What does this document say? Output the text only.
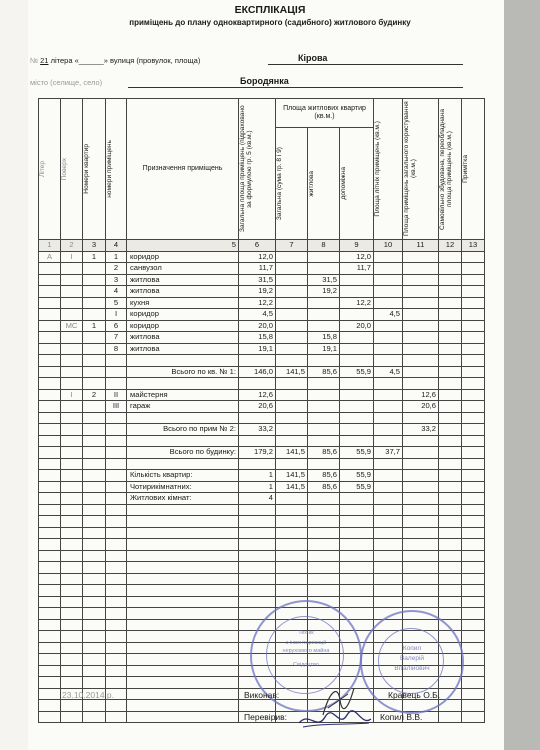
ЕКСПЛІКАЦІЯ
приміщень до плану одноквартирного (садибного) житлового будинку
№ 21 літера «______» вулиця (провулок, площа)	Кірова
місто (селище, село)	Бородянка
Літер	Поверх	Номери квартир	номери приміщень	Призначення приміщень	Загальна площа приміщень (підраховано за формулою гр. 5 (кв.м.)	Площа житлових квартир (кв.м.)			Площа літніх приміщень (кв.м.)	Площа приміщень загального користування (кв.м.)	Самовільно збудована, переобладнана площа приміщень (кв.м.)	Примітка

						Загальна (сума гр. 8 і 9)	житлова	допоміжна				

1	2	3	4	5	6	7	8	9	10	11	12	13
А	I	1	1	коридор	12,0			12,0				
			2	санвузол	11,7			11,7				
			3	житлова	31,5		31,5					
			4	житлова	19,2		19,2					
			5	кухня	12,2			12,2				
			I	коридор	4,5				4,5			
	МС	1	6	коридор	20,0			20,0				
			7	житлова	15,8		15,8					
			8	житлова	19,1		19,1					

				Всього по кв. № 1:	146,0	141,5	85,6	55,9	4,5			

	I	2	II	майстерня	12,6					12,6		
			III	гараж	20,6					20,6		

				Всього по прим № 2:	33,2					33,2		

				Всього по будинку:	179,2	141,5	85,6	55,9	37,7			

				Кількість квартир:	1	141,5	85,6	55,9				
				Чотирикімнатних:	1	141,5	85,6	55,9				
				Житлових кімнат:	4							

Технік
з інвентаризації
нерухомого майна
Свідоцтво
Копил
Валерій
Віталійович
23.10.2014 р.	Виконав:	Кравець О.Б.
Перевірив:	Копил В.В.
